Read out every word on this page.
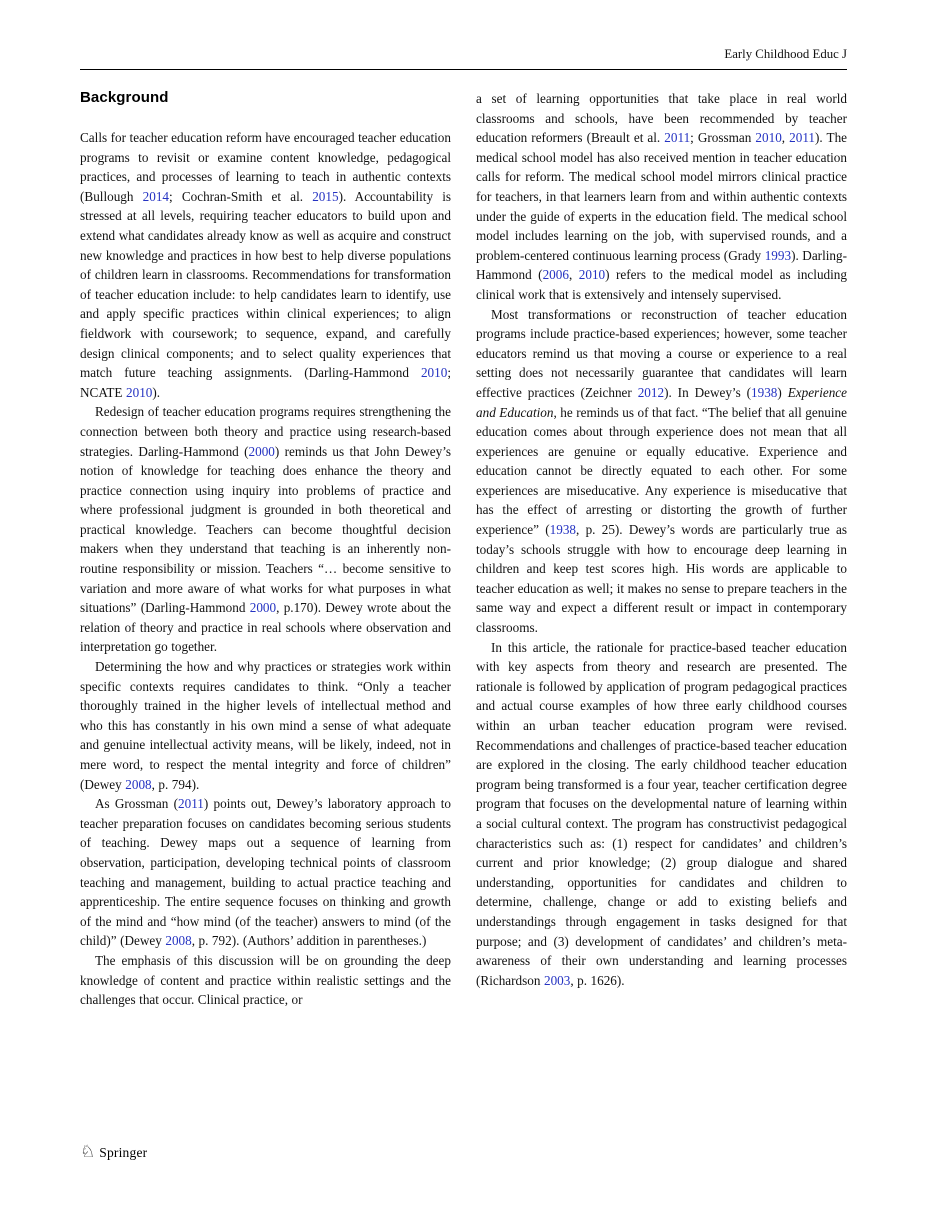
Early Childhood Educ J
Background

Calls for teacher education reform have encouraged teacher education programs to revisit or examine content knowledge, pedagogical practices, and processes of learning to teach in authentic contexts (Bullough 2014; Cochran-Smith et al. 2015). Accountability is stressed at all levels, requiring teacher educators to build upon and extend what candidates already know as well as acquire and construct new knowledge and practices in how best to help diverse populations of children learn in classrooms. Recommendations for transformation of teacher education include: to help candidates learn to identify, use and apply specific practices within clinical experiences; to align fieldwork with coursework; to sequence, expand, and carefully design clinical components; and to select quality experiences that match future teaching assignments. (Darling-Hammond 2010; NCATE 2010).

Redesign of teacher education programs requires strengthening the connection between both theory and practice using research-based strategies. Darling-Hammond (2000) reminds us that John Dewey’s notion of knowledge for teaching does enhance the theory and practice connection using inquiry into problems of practice and where professional judgment is grounded in both theoretical and practical knowledge. Teachers can become thoughtful decision makers when they understand that teaching is an inherently non-routine responsibility or mission. Teachers “… become sensitive to variation and more aware of what works for what purposes in what situations” (Darling-Hammond 2000, p.170). Dewey wrote about the relation of theory and practice in real schools where observation and interpretation go together.

Determining the how and why practices or strategies work within specific contexts requires candidates to think. “Only a teacher thoroughly trained in the higher levels of intellectual method and who this has constantly in his own mind a sense of what adequate and genuine intellectual activity means, will be likely, indeed, not in mere word, to respect the mental integrity and force of children” (Dewey 2008, p. 794).

As Grossman (2011) points out, Dewey’s laboratory approach to teacher preparation focuses on candidates becoming serious students of teaching. Dewey maps out a sequence of learning from observation, participation, developing technical points of classroom teaching and management, building to actual practice teaching and apprenticeship. The entire sequence focuses on thinking and growth of the mind and “how mind (of the teacher) answers to mind (of the child)” (Dewey 2008, p. 792). (Authors’ addition in parentheses.)

The emphasis of this discussion will be on grounding the deep knowledge of content and practice within realistic settings and the challenges that occur. Clinical practice, or

a set of learning opportunities that take place in real world classrooms and schools, have been recommended by teacher education reformers (Breault et al. 2011; Grossman 2010, 2011). The medical school model has also received mention in teacher education calls for reform. The medical school model mirrors clinical practice for teachers, in that learners learn from and within authentic contexts under the guide of experts in the education field. The medical school model includes learning on the job, with supervised rounds, and a problem-centered continuous learning process (Grady 1993). Darling- Hammond (2006, 2010) refers to the medical model as including clinical work that is extensively and intensely supervised.

Most transformations or reconstruction of teacher education programs include practice-based experiences; however, some teacher educators remind us that moving a course or experience to a real setting does not necessarily guarantee that candidates will learn effective practices (Zeichner 2012). In Dewey’s (1938) Experience and Education, he reminds us of that fact. “The belief that all genuine education comes about through experience does not mean that all experiences are genuine or equally educative. Experience and education cannot be directly equated to each other. For some experiences are miseducative. Any experience is miseducative that has the effect of arresting or distorting the growth of further experience” (1938, p. 25). Dewey’s words are particularly true as today’s schools struggle with how to encourage deep learning in children and keep test scores high. His words are applicable to teacher education as well; it makes no sense to prepare teachers in the same way and expect a different result or impact in contemporary classrooms.

In this article, the rationale for practice-based teacher education with key aspects from theory and research are presented. The rationale is followed by application of program pedagogical practices and actual course examples of how three early childhood courses within an urban teacher education program were revised. Recommendations and challenges of practice-based teacher education are explored in the closing. The early childhood teacher education program being transformed is a four year, teacher certification degree program that focuses on the developmental nature of learning within a social cultural context. The program has constructivist pedagogical characteristics such as: (1) respect for candidates’ and children’s current and prior knowledge; (2) group dialogue and shared understanding, opportunities for candidates and children to determine, challenge, change or add to existing beliefs and understandings through engagement in tasks designed for that purpose; and (3) development of candidates’ and children’s meta-awareness of their own understanding and learning processes (Richardson 2003, p. 1626).

♘ Springer
